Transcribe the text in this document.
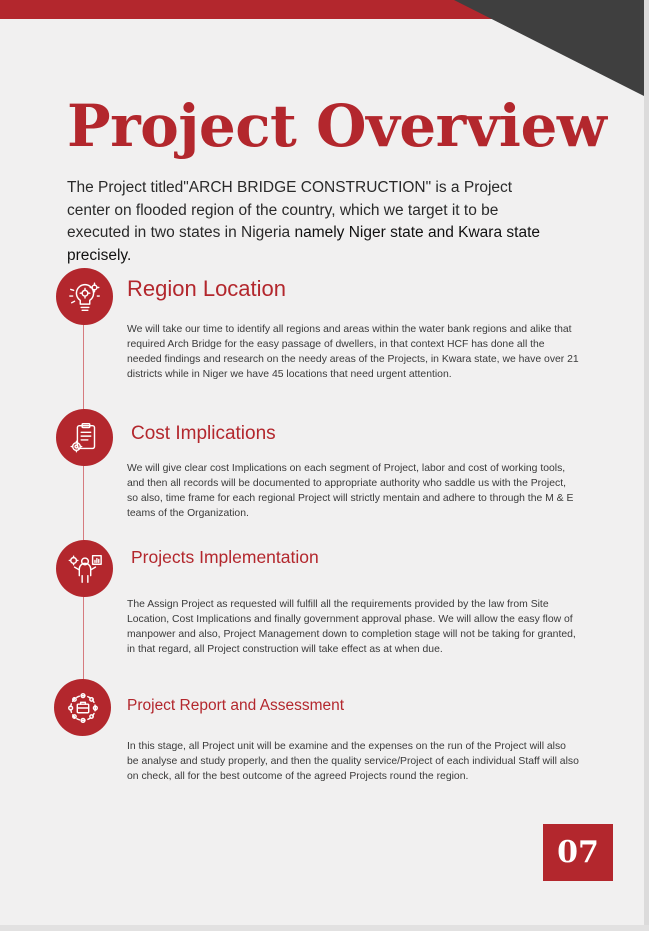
Project Overview

The Project titled"ARCH BRIDGE CONSTRUCTION" is a Project center on flooded region of the country, which we target it to be executed in two states in Nigeria namely Niger state and Kwara state precisely.

Region Location

We will take our time to identify all regions and areas within the water bank regions and alike that required Arch Bridge for the easy passage of dwellers, in that context HCF has done all the needed findings and research on the needy areas of the Projects, in Kwara state, we have over 21 districts while in Niger we have 45 locations that need urgent attention.

Cost Implications

We will give clear cost Implications on each segment of Project, labor and cost of working tools, and then all records will be documented to appropriate authority who saddle us with the Project, so also, time frame for each regional Project will strictly mentain and adhere to through the M & E teams of the Organization.

Projects Implementation

The Assign Project as requested will fulfill all the requirements provided by the law from Site Location, Cost Implications and finally government approval phase. We will allow the easy flow of manpower and also, Project Management down to completion stage will not be taking for granted, in that regard, all Project construction will take effect as at when due.

Project Report and Assessment

In this stage, all Project unit will be examine and the expenses on the run of the Project will also be analyse and study properly, and then the quality service/Project of each individual Staff will also on check, all for the best outcome of the agreed Projects round the region.

07
